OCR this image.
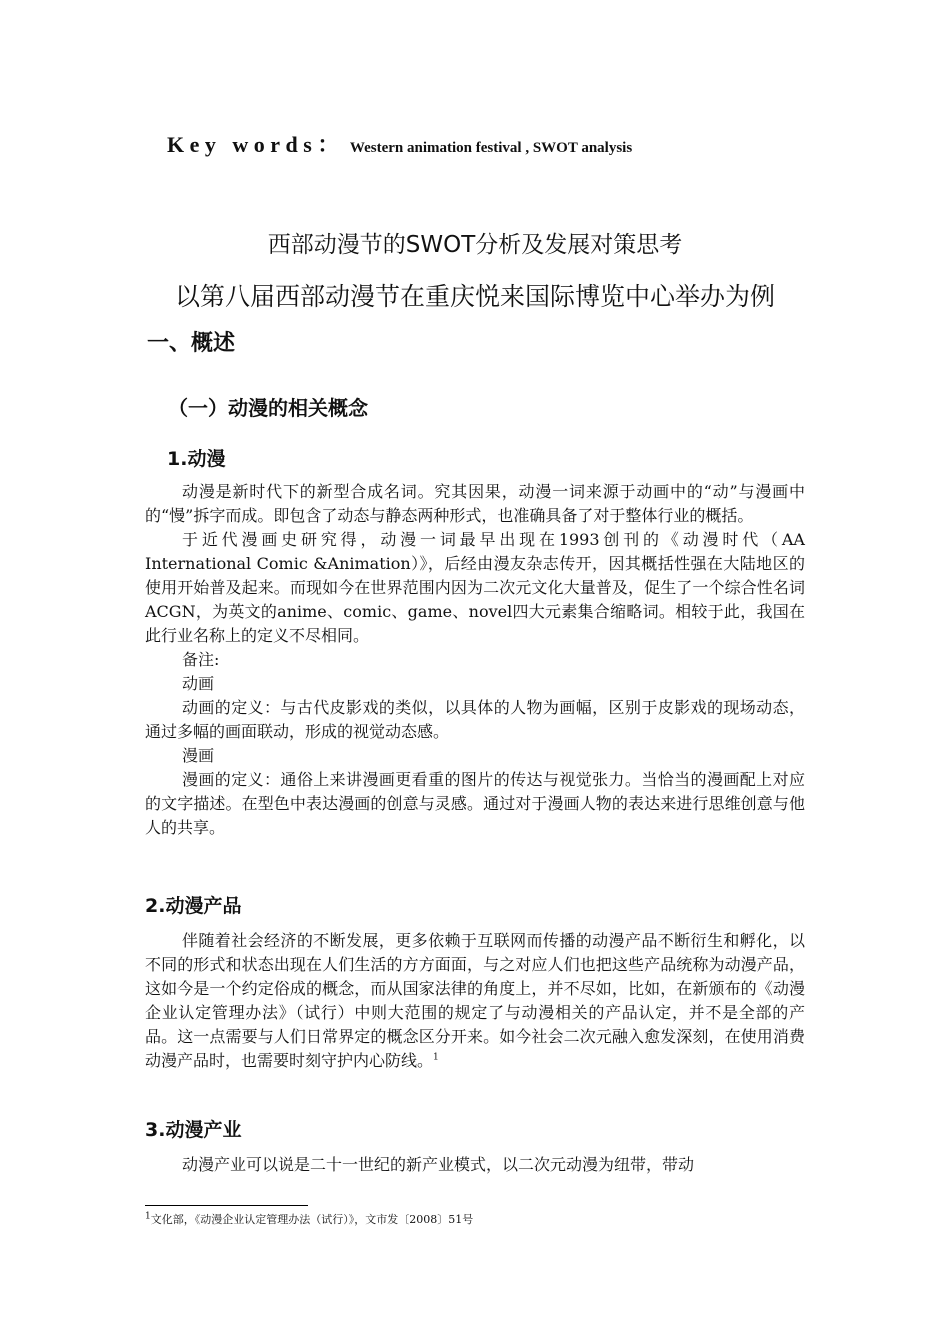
Key words： Western animation festival , SWOT analysis
西部动漫节的SWOT分析及发展对策思考
以第八届西部动漫节在重庆悦来国际博览中心举办为例
一、概述
（一）动漫的相关概念
1.动漫

动漫是新时代下的新型合成名词。究其因果，动漫一词来源于动画中的“动”与漫画中的“慢”拆字而成。即包含了动态与静态两种形式，也准确具备了对于整体行业的概括。

于近代漫画史研究得，动漫一词最早出现在1993创刊的《动漫时代（AA International Comic &Animation）》，后经由漫友杂志传开，因其概括性强在大陆地区的使用开始普及起来。而现如今在世界范围内因为二次元文化大量普及，促生了一个综合性名词ACGN，为英文的anime、comic、game、novel四大元素集合缩略词。相较于此，我国在此行业名称上的定义不尽相同。

备注:

动画

动画的定义：与古代皮影戏的类似，以具体的人物为画幅，区别于皮影戏的现场动态，通过多幅的画面联动，形成的视觉动态感。

漫画

漫画的定义：通俗上来讲漫画更看重的图片的传达与视觉张力。当恰当的漫画配上对应的文字描述。在型色中表达漫画的创意与灵感。通过对于漫画人物的表达来进行思维创意与他人的共享。

2.动漫产品

伴随着社会经济的不断发展，更多依赖于互联网而传播的动漫产品不断衍生和孵化，以不同的形式和状态出现在人们生活的方方面面，与之对应人们也把这些产品统称为动漫产品，这如今是一个约定俗成的概念，而从国家法律的角度上，并不尽如，比如，在新颁布的《动漫企业认定管理办法》（试行）中则大范围的规定了与动漫相关的产品认定，并不是全部的产品。这一点需要与人们日常界定的概念区分开来。如今社会二次元融入愈发深刻，在使用消费动漫产品时，也需要时刻守护内心防线。$^1$

3.动漫产业

动漫产业可以说是二十一世纪的新产业模式，以二次元动漫为纽带，带动

$^1$文化部，《动漫企业认定管理办法（试行）》，文市发〔2008〕51号
